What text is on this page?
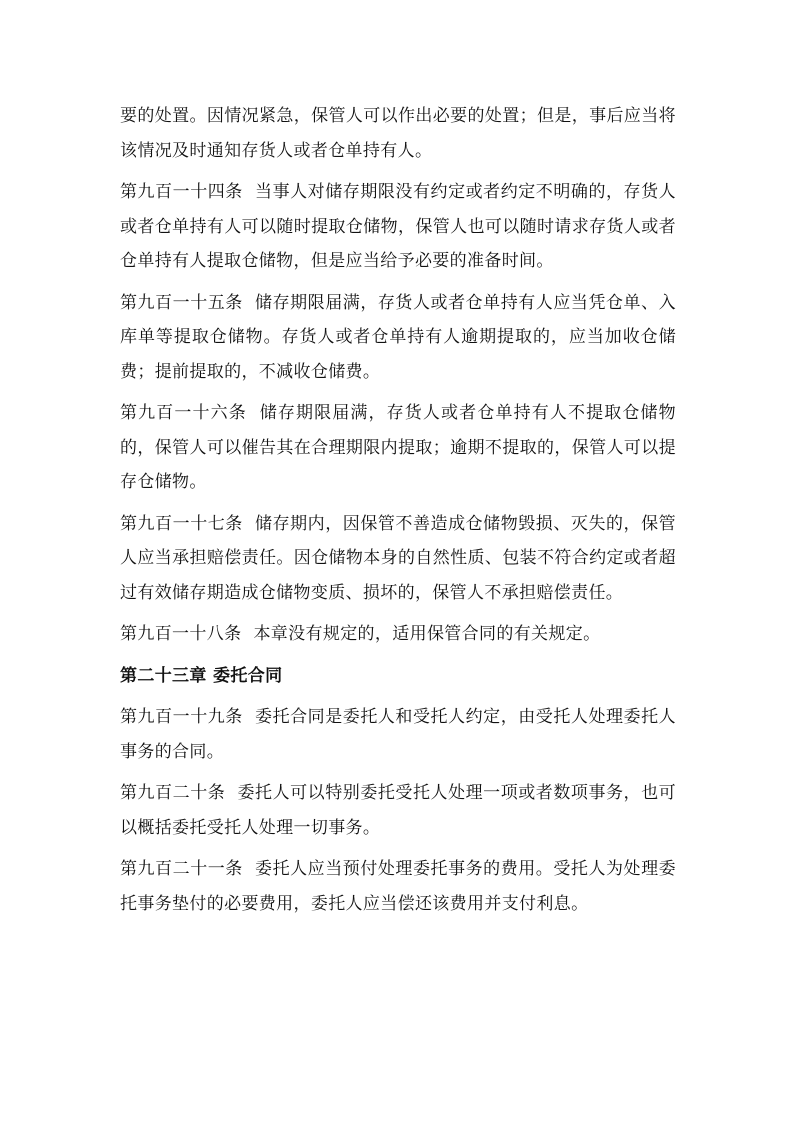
要的处置。因情况紧急，保管人可以作出必要的处置；但是，事后应当将该情况及时通知存货人或者仓单持有人。

第九百一十四条 当事人对储存期限没有约定或者约定不明确的，存货人或者仓单持有人可以随时提取仓储物，保管人也可以随时请求存货人或者仓单持有人提取仓储物，但是应当给予必要的准备时间。

第九百一十五条 储存期限届满，存货人或者仓单持有人应当凭仓单、入库单等提取仓储物。存货人或者仓单持有人逾期提取的，应当加收仓储费；提前提取的，不减收仓储费。

第九百一十六条 储存期限届满，存货人或者仓单持有人不提取仓储物的，保管人可以催告其在合理期限内提取；逾期不提取的，保管人可以提存仓储物。

第九百一十七条 储存期内，因保管不善造成仓储物毁损、灭失的，保管人应当承担赔偿责任。因仓储物本身的自然性质、包装不符合约定或者超过有效储存期造成仓储物变质、损坏的，保管人不承担赔偿责任。

第九百一十八条 本章没有规定的，适用保管合同的有关规定。

第二十三章 委托合同

第九百一十九条 委托合同是委托人和受托人约定，由受托人处理委托人事务的合同。

第九百二十条 委托人可以特别委托受托人处理一项或者数项事务，也可以概括委托受托人处理一切事务。

第九百二十一条 委托人应当预付处理委托事务的费用。受托人为处理委托事务垫付的必要费用，委托人应当偿还该费用并支付利息。
